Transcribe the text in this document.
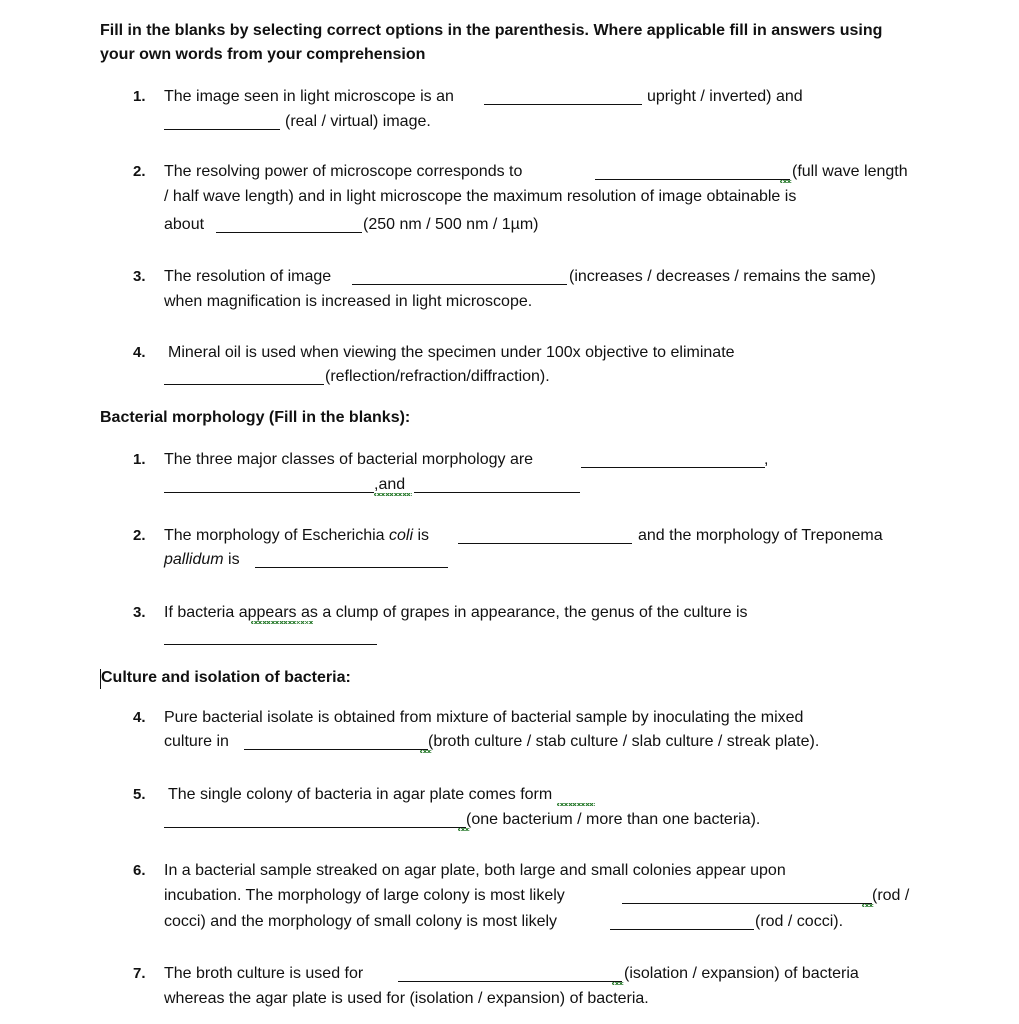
Fill in the blanks by selecting correct options in the parenthesis. Where applicable fill in answers using
your own words from your comprehension
1. The image seen in light microscope is an	upright / inverted) and
(real / virtual) image.
2. The resolving power of microscope corresponds to	(full wave length
/ half wave length) and in light microscope the maximum resolution of image obtainable is
about	(250 nm / 500 nm / 1µm)
3. The resolution of image	(increases / decreases / remains the same)
when magnification is increased in light microscope.
4. Mineral oil is used when viewing the specimen under 100x objective to eliminate
(reflection/refraction/diffraction).
Bacterial morphology (Fill in the blanks):
1. The three major classes of bacterial morphology are	,
,and
2. The morphology of Escherichia coli is	and the morphology of Treponema
pallidum is
3. If bacteria appears as a clump of grapes in appearance, the genus of the culture is
Culture and isolation of bacteria:
4. Pure bacterial isolate is obtained from mixture of bacterial sample by inoculating the mixed
culture in	(broth culture / stab culture / slab culture / streak plate).
5. The single colony of bacteria in agar plate comes form
(one bacterium / more than one bacteria).
6. In a bacterial sample streaked on agar plate, both large and small colonies appear upon
incubation. The morphology of large colony is most likely	(rod /
cocci) and the morphology of small colony is most likely	(rod / cocci).
7. The broth culture is used for	(isolation / expansion) of bacteria
whereas the agar plate is used for (isolation / expansion) of bacteria.
